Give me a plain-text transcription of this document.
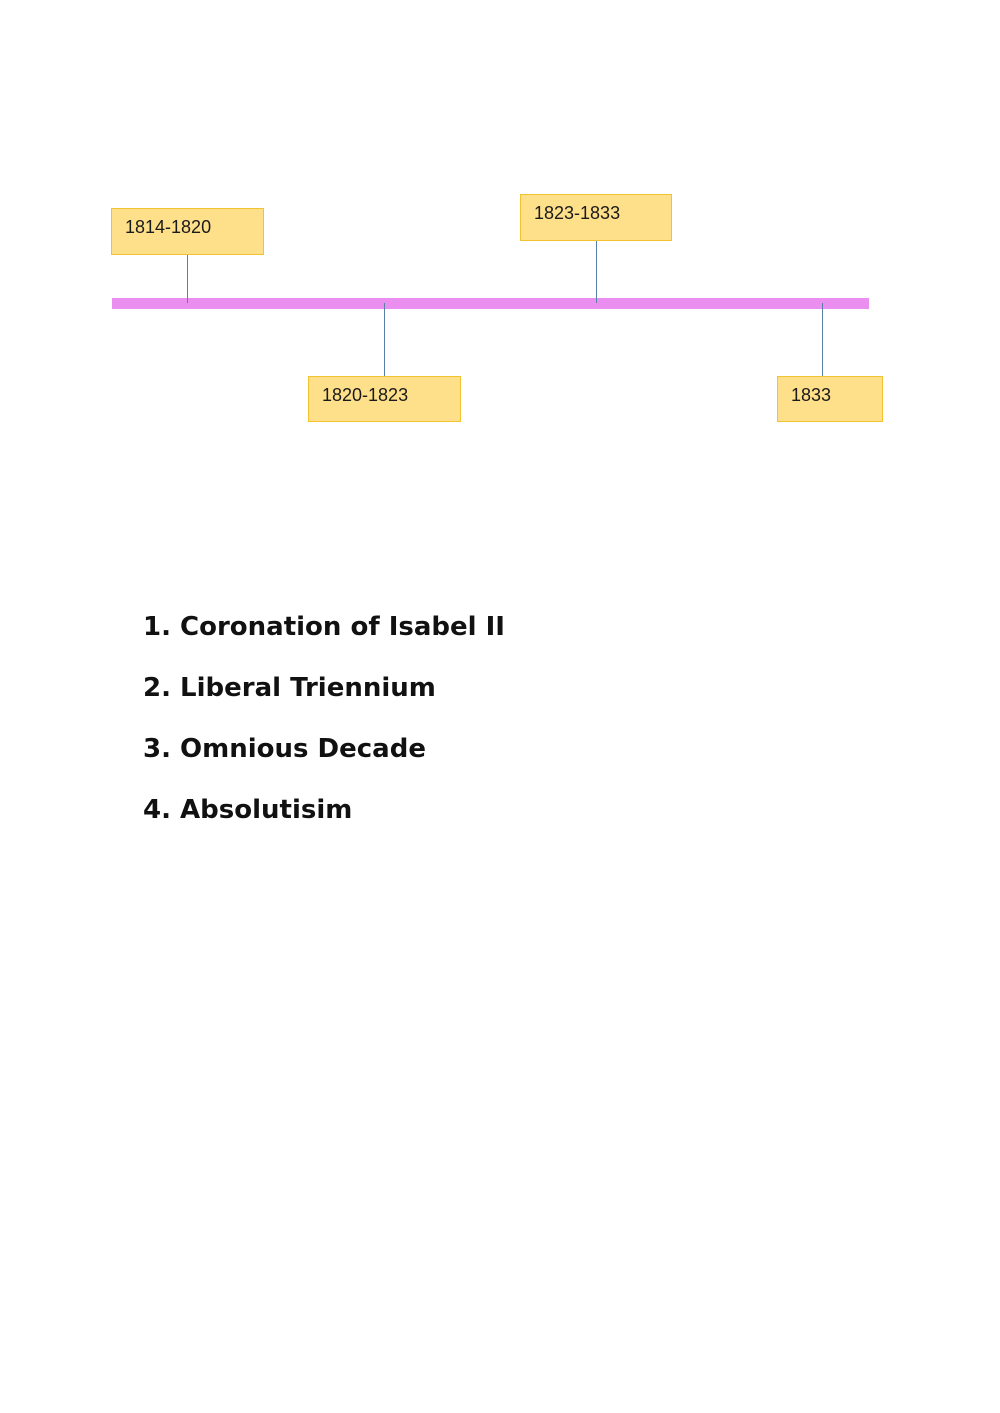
1814-1820
1820-1823
1823-1833
1833
1. Coronation of Isabel II
2. Liberal Triennium
3. Omnious Decade
4. Absolutisim
